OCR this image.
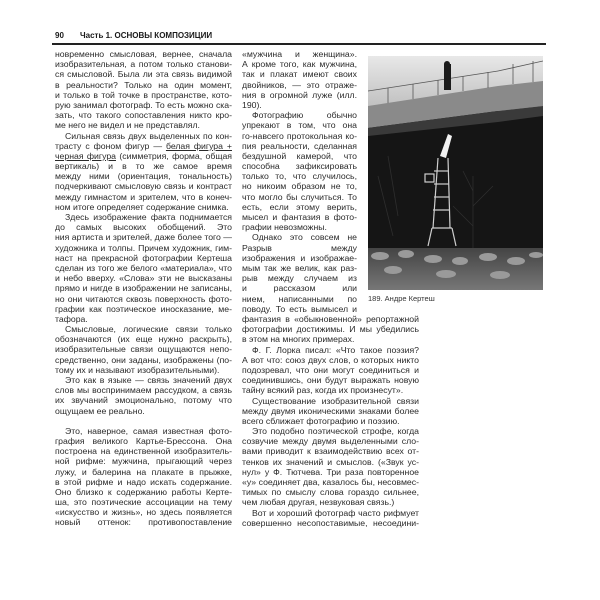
90 Часть 1. ОСНОВЫ КОМПОЗИЦИИ
новременно смысловая, вернее, сначала
изобразительная, а потом только станови-
ся смысловой. Была ли эта связь видимой
в реальности? Только на один момент,
и только в той точке в пространстве, кото-
рую занимал фотограф. То есть можно ска-
зать, что такого сопоставления никто кро-
ме него не видел и не представлял.
Сильная связь двух выделенных по кон-
трасту с фоном фигур — белая фигура +
черная фигура (симметрия, форма, общая
вертикаль) и в то же самое время
между ними (ориентация, тональность)
подчеркивают смысловую связь и контраст
между гимнастом и зрителем, что в конеч-
ном итоге определяет содержание снимка.
Здесь изображение факта поднимается
до самых высоких обобщений. Это
ния артиста и зрителей, даже более того —
художника и толпы. Причем художник, гим-
наст на прекрасной фотографии Кертеша
сделан из того же белого «материала», что
и небо вверху. «Слова» эти не высказаны
прямо и нигде в изображении не записаны,
но они читаются сквозь поверхность фото-
графии как поэтическое иносказание, ме-
тафора.
Смысловые, логические связи только
обозначаются (их еще нужно раскрыть),
изобразительные связи ощущаются непо-
средственно, они заданы, изображены (по-
тому их и называют изобразительными).
Это как в языке — связь значений двух
слов мы воспринимаем рассудком, а связь
их звучаний эмоционально, потому что
ощущаем ее реально.
Это, наверное, самая известная фото-
графия великого Картье-Брессона. Она
построена на единственной изобразитель-
ной рифме: мужчина, прыгающий через
лужу, и балерина на плакате в прыжке,
в этой рифме и надо искать содержание.
Оно близко к содержанию работы Керте-
ша, это поэтические ассоциации на тему
«искусство и жизнь», но здесь появляется
новый оттенок: противопоставление
«мужчина и женщина».
А кроме того, как мужчина,
так и плакат имеют своих
двойников, — это отраже-
ния в огромной луже (илл.
190).
Фотографию обычно
упрекают в том, что она
го-навсего протокольная ко-
пия реальности, сделанная
бездушной камерой, что
способна зафиксировать
только то, что случилось,
но никоим образом не то,
что могло бы случиться. То
есть, если этому верить,
мысел и фантазия в фото-
графии невозможны.
Однако это совсем не
Разрыв между
изображения и изображае-
мым так же велик, как раз-
рыв между случаем из
и рассказом или
нием, написанными по
поводу. То есть вымысел и
фантазия в «обыкновенной» репортажной
фотографии достижимы. И мы убедились
в этом на многих примерах.
Ф. Г. Лорка писал: «Что такое поэзия?
А вот что: союз двух слов, о которых никто
подозревал, что они могут соединиться и
соединившись, они будут выражать новую
тайну всякий раз, когда их произнесут».
Существование изобразительной связи
между двумя иконическими знаками более
всего сближает фотографию и поэзию.
Это подобно поэтической строфе, когда
созвучие между двумя выделенными сло-
вами приводит к взаимодействию всех от-
тенков их значений и смыслов. («Звук ус-
нул» у Ф. Тютчева. Три раза повторенное
«у» соединяет два, казалось бы, несовмес-
тимых по смыслу слова гораздо сильнее,
чем любая другая, незвуковая связь.)
Вот и хороший фотограф часто рифмует
совершенно несопоставимые, несоедини-
189. Андре Кертеш
